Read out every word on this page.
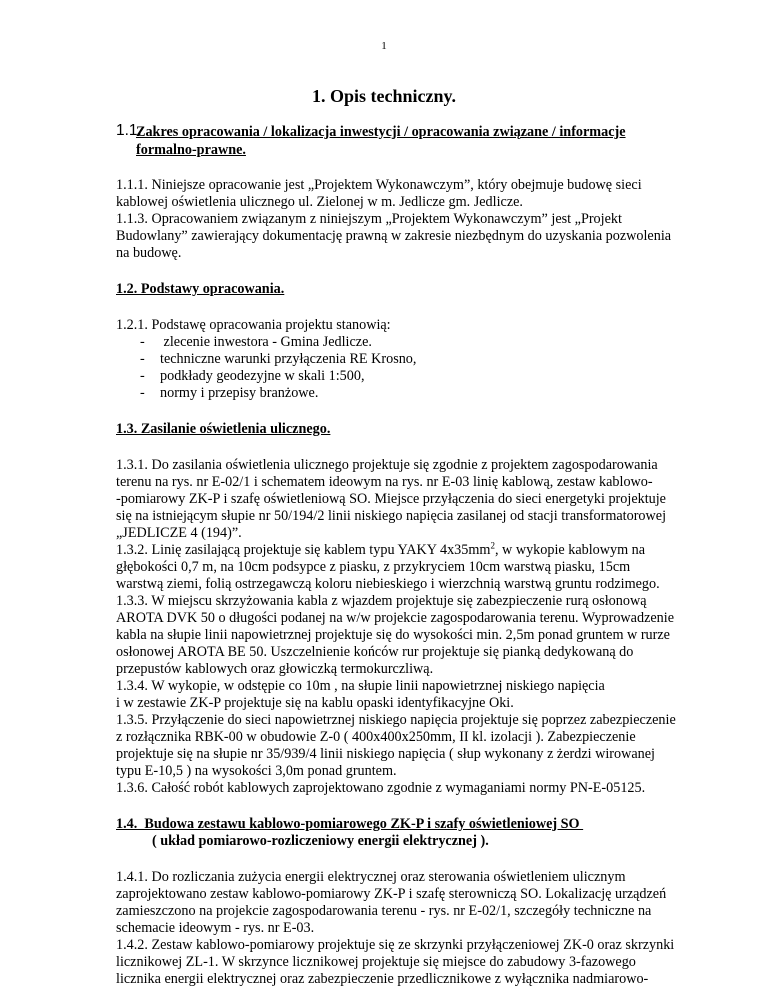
1
1. Opis techniczny.
1.1.
Zakres opracowania / lokalizacja inwestycji / opracowania związane / informacje
formalno-prawne.

1.1.1. Niniejsze opracowanie jest „Projektem Wykonawczym”, który obejmuje budowę sieci

kablowej oświetlenia ulicznego ul. Zielonej w m. Jedlicze gm. Jedlicze.

1.1.3. Opracowaniem związanym z niniejszym „Projektem Wykonawczym” jest „Projekt

Budowlany” zawierający dokumentację prawną w zakresie niezbędnym do uzyskania pozwolenia

na budowę.

1.2. Podstawy opracowania.

1.2.1. Podstawę opracowania projektu stanowią:

-	zlecenie inwestora - Gmina Jedlicze.
-	techniczne warunki przyłączenia RE Krosno,
-	podkłady geodezyjne w skali 1:500,
-	normy i przepisy branżowe.
1.3. Zasilanie oświetlenia ulicznego.

1.3.1. Do zasilania oświetlenia ulicznego projektuje się zgodnie z projektem zagospodarowania

terenu na rys. nr E-02/1 i schematem ideowym na rys. nr E-03 linię kablową, zestaw kablowo-

-pomiarowy ZK-P i szafę oświetleniową SO. Miejsce przyłączenia do sieci energetyki projektuje

się na istniejącym słupie nr 50/194/2 linii niskiego napięcia zasilanej od stacji transformatorowej

„JEDLICZE 4 (194)”.

1.3.2. Linię zasilającą projektuje się kablem typu YAKY $4x35mm^2$, w wykopie kablowym na

głębokości 0,7 m, na 10cm podsypce z piasku, z przykryciem 10cm warstwą piasku, 15cm

warstwą ziemi, folią ostrzegawczą koloru niebieskiego i wierzchnią warstwą gruntu rodzimego.

1.3.3. W miejscu skrzyżowania kabla z wjazdem projektuje się zabezpieczenie rurą osłonową

AROTA DVK 50 o długości podanej na w/w projekcie zagospodarowania terenu. Wyprowadzenie

kabla na słupie linii napowietrznej projektuje się do wysokości min. 2,5m ponad gruntem w rurze

osłonowej AROTA BE 50. Uszczelnienie końców rur projektuje się pianką dedykowaną do

przepustów kablowych oraz głowiczką termokurczliwą.

1.3.4. W wykopie, w odstępie co 10m , na słupie linii napowietrznej niskiego napięcia

i w zestawie ZK-P projektuje się na kablu opaski identyfikacyjne Oki.

1.3.5. Przyłączenie do sieci napowietrznej niskiego napięcia projektuje się poprzez zabezpieczenie

z rozłącznika RBK-00 w obudowie Z-0 ( 400x400x250mm, II kl. izolacji ). Zabezpieczenie

projektuje się na słupie nr 35/939/4 linii niskiego napięcia ( słup wykonany z żerdzi wirowanej

typu E-10,5 ) na wysokości 3,0m ponad gruntem.

1.3.6. Całość robót kablowych zaprojektowano zgodnie z wymaganiami normy PN-E-05125.

1.4.  Budowa zestawu kablowo-pomiarowego ZK-P i szafy oświetleniowej SO
( układ pomiarowo-rozliczeniowy energii elektrycznej ).

1.4.1. Do rozliczania zużycia energii elektrycznej oraz sterowania oświetleniem ulicznym

zaprojektowano zestaw kablowo-pomiarowy ZK-P i szafę sterowniczą SO. Lokalizację urządzeń

zamieszczono na projekcie zagospodarowania terenu - rys. nr E-02/1, szczegóły techniczne na

schemacie ideowym - rys. nr E-03.

1.4.2. Zestaw kablowo-pomiarowy projektuje się ze skrzynki przyłączeniowej ZK-0 oraz skrzynki

licznikowej ZL-1. W skrzynce licznikowej projektuje się miejsce do zabudowy 3-fazowego

licznika energii elektrycznej oraz zabezpieczenie przedlicznikowe z wyłącznika nadmiarowo-
